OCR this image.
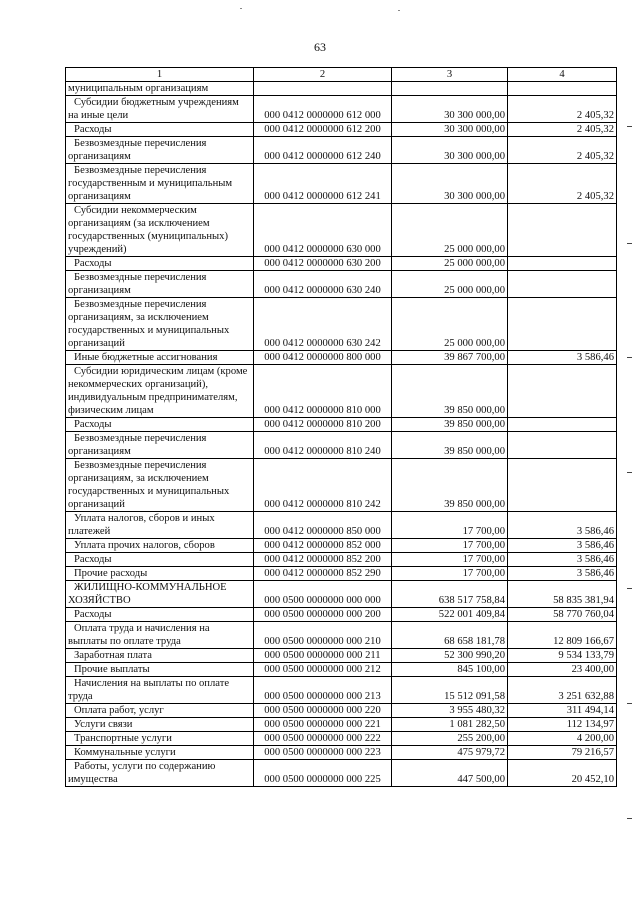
63
1	2	3	4
муниципальным организациям			

Субсидии бюджетным учреждениям на иные цели	000 0412 0000000 612 000	30 300 000,00	2 405,32

Расходы	000 0412 0000000 612 200	30 300 000,00	2 405,32

Безвозмездные перечисления организациям	000 0412 0000000 612 240	30 300 000,00	2 405,32

Безвозмездные перечисления государственным и муниципальным организациям	000 0412 0000000 612 241	30 300 000,00	2 405,32

Субсидии некоммерческим организациям (за исключением государственных (муниципальных) учреждений)	000 0412 0000000 630 000	25 000 000,00	

Расходы	000 0412 0000000 630 200	25 000 000,00	

Безвозмездные перечисления организациям	000 0412 0000000 630 240	25 000 000,00	

Безвозмездные перечисления организациям, за исключением государственных и муниципальных организаций	000 0412 0000000 630 242	25 000 000,00	

Иные бюджетные ассигнования	000 0412 0000000 800 000	39 867 700,00	3 586,46

Субсидии юридическим лицам (кроме некоммерческих организаций), индивидуальным предпринимателям, физическим лицам	000 0412 0000000 810 000	39 850 000,00	

Расходы	000 0412 0000000 810 200	39 850 000,00	

Безвозмездные перечисления организациям	000 0412 0000000 810 240	39 850 000,00	

Безвозмездные перечисления организациям, за исключением государственных и муниципальных организаций	000 0412 0000000 810 242	39 850 000,00	

Уплата налогов, сборов и иных платежей	000 0412 0000000 850 000	17 700,00	3 586,46

Уплата прочих налогов, сборов	000 0412 0000000 852 000	17 700,00	3 586,46

Расходы	000 0412 0000000 852 200	17 700,00	3 586,46

Прочие расходы	000 0412 0000000 852 290	17 700,00	3 586,46

ЖИЛИЩНО-КОММУНАЛЬНОЕ ХОЗЯЙСТВО	000 0500 0000000 000 000	638 517 758,84	58 835 381,94

Расходы	000 0500 0000000 000 200	522 001 409,84	58 770 760,04

Оплата труда и начисления на выплаты по оплате труда	000 0500 0000000 000 210	68 658 181,78	12 809 166,67

Заработная плата	000 0500 0000000 000 211	52 300 990,20	9 534 133,79

Прочие выплаты	000 0500 0000000 000 212	845 100,00	23 400,00

Начисления на выплаты по оплате труда	000 0500 0000000 000 213	15 512 091,58	3 251 632,88

Оплата работ, услуг	000 0500 0000000 000 220	3 955 480,32	311 494,14

Услуги связи	000 0500 0000000 000 221	1 081 282,50	112 134,97

Транспортные услуги	000 0500 0000000 000 222	255 200,00	4 200,00

Коммунальные услуги	000 0500 0000000 000 223	475 979,72	79 216,57

Работы, услуги по содержанию имущества	000 0500 0000000 000 225	447 500,00	20 452,10
